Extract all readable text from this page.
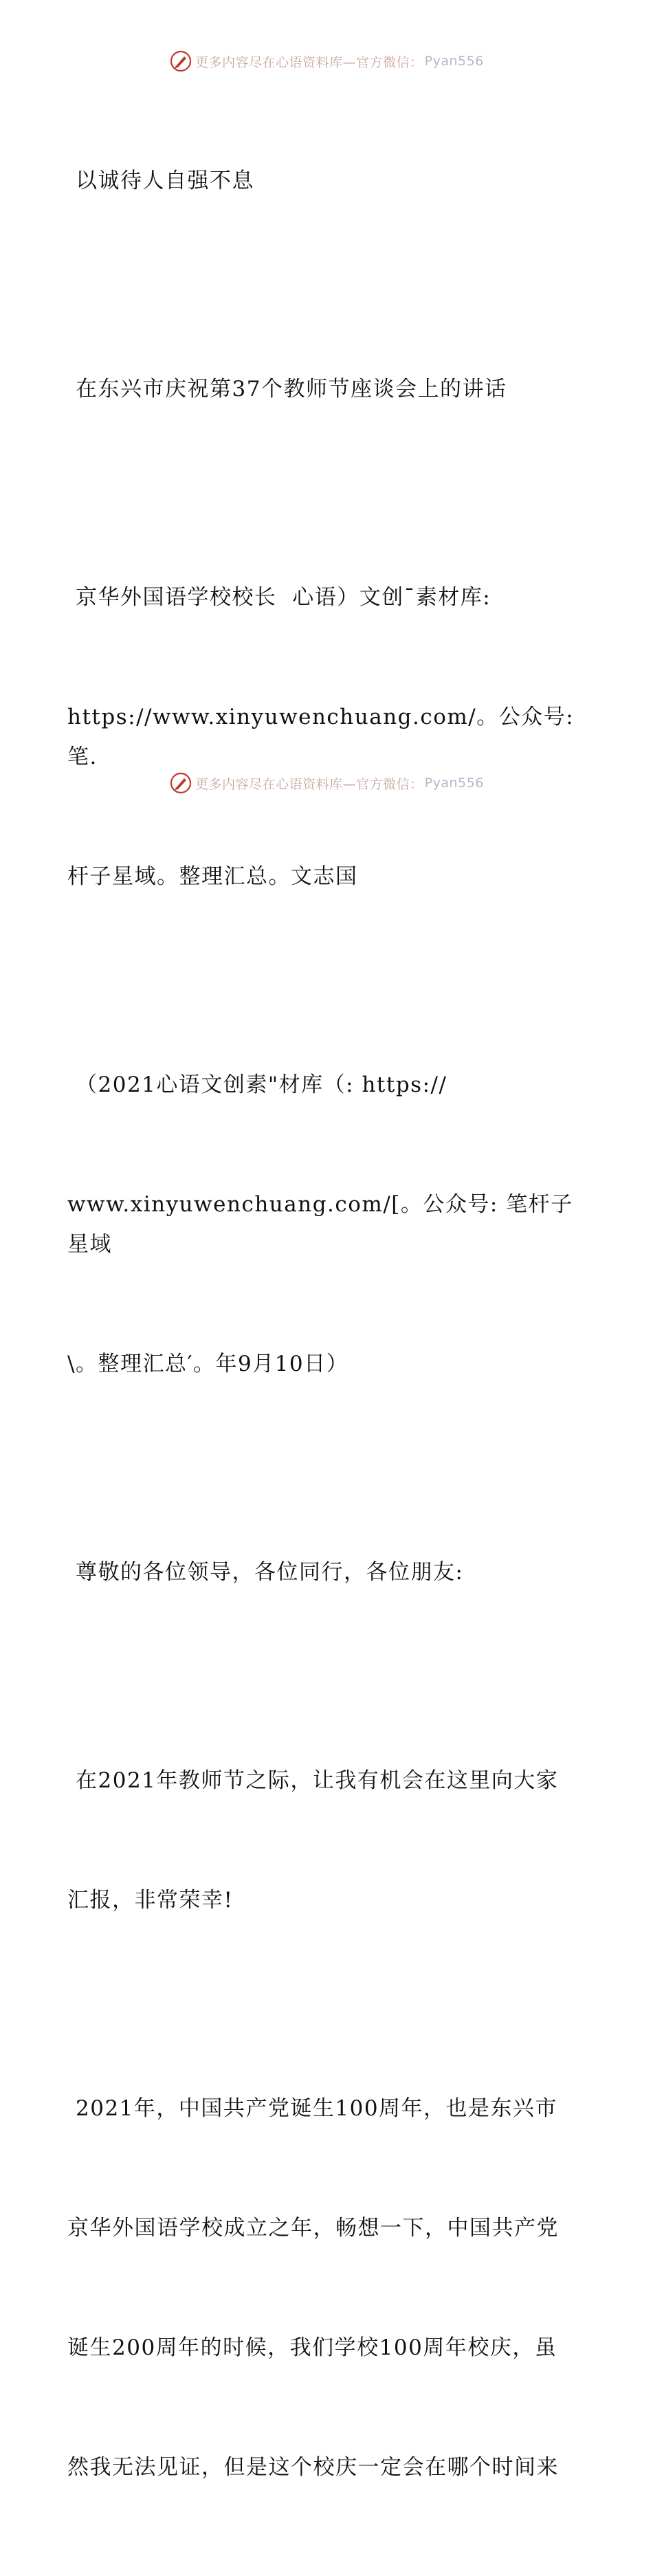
更多内容尽在心语资料库—官方微信： Pyan556

以诚待人自强不息

在东兴市庆祝第37个教师节座谈会上的讲话

京华外国语学校校长  心语）文创¯素材库:

https://www.xinyuwenchuang.com/。公众号: 笔.

杆子星域。整理汇总。文志国

（2021心语文创素"材库（: https://

www.xinyuwenchuang.com/[。公众号: 笔杆子星域

\。整理汇总′。年9月10日）

尊敬的各位领导，各位同行，各位朋友:

在2021年教师节之际，让我有机会在这里向大家

汇报，非常荣幸!

2021年，中国共产党诞生100周年，也是东兴市

京华外国语学校成立之年，畅想一下，中国共产党

诞生200周年的时候，我们学校100周年校庆，虽

然我无法见证，但是这个校庆一定会在哪个时间来

更多内容尽在心语资料库—官方微信： Pyan556
